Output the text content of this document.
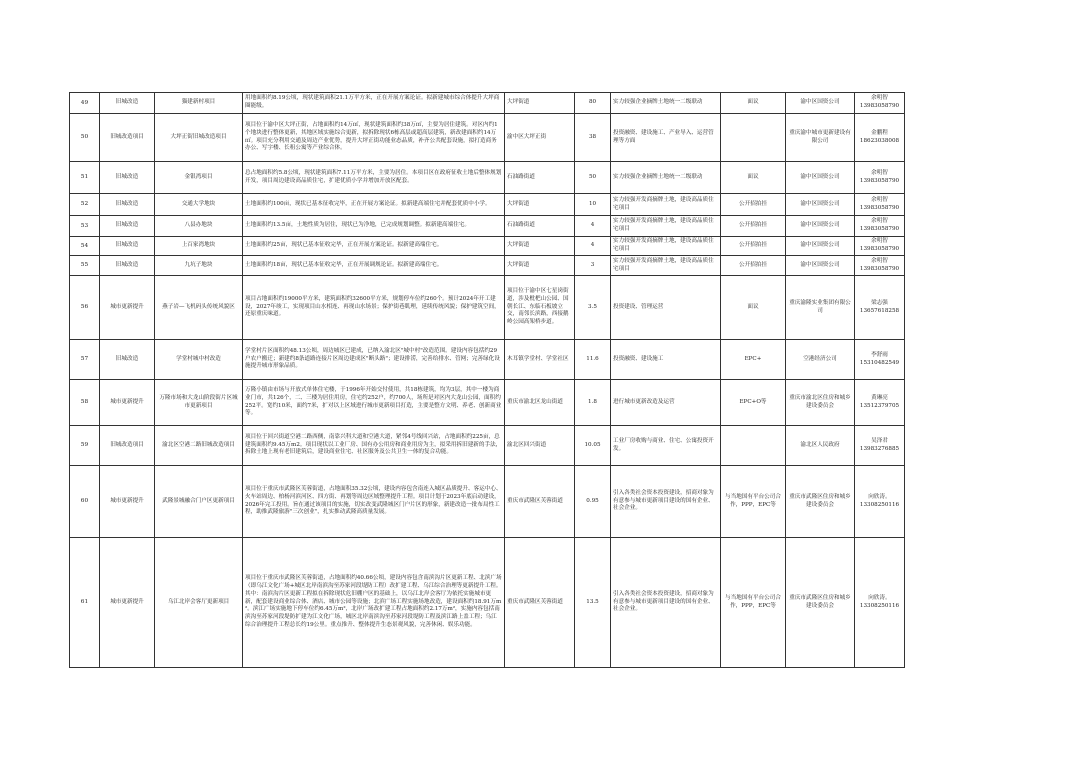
49	旧城改造	猫建新村项目	用地面积约8.19公顷，现状建筑面积21.1万平方米，正在开展方案论证。拟新建城市综合体提升大坪商圈能级。	大坪街道	80	实力较强企业摘牌土地统一二级联动	面议	渝中区国资公司	余明智
13983058790

50	旧城改造项目	大坪正街旧城改造项目	项目位于渝中区大坪正街，占地面积约14万㎡，现状建筑面积约38万㎡，主要为居住建筑。对区内约1个地块进行整体更新，其地区域实施综合更新，拟拆除现状6栋高层或超高层建筑，新改建面积约14万㎡。项目充分利用交通及周边产业优势，提升大坪正街功能业态品质，补齐公共配套设施，拟打造商务办公、写字楼、长租公寓等产业综合体。	渝中区大坪正街	38	投资融资、建设施工、产业导入、运营管理等方面		重庆渝中城市更新建设有限公司	金鹏程
18623038008

51	旧城改造	金银湾项目	总占地面积约5.8公顷，现状建筑面积7.11万平方米，主要为居住。本项目区在政府征收土地后整体规划开发，项目周边建设高品质住宅，扩建优质小学并增加开放区配套。	石油路街道	50	实力较强企业摘牌土地统一二级联动	面议	渝中区国资公司	余明智
13983058790

52	旧城改造	交通大学地块	土地面积约100亩，现状已基本征收完毕，正在开展方案论证。拟新建高端住宅并配套优质中小学。	大坪街道	10	实力较强开发商摘牌土地，建设高品质住宅项目	公开招拍挂	渝中区国资公司	余明智
13983058790

53	旧城改造	八县办地块	土地面积约13.5亩，土地性质为居住，现状已为净地，已完成规划调整。拟新建高端住宅。	石油路街道	4	实力较强开发商摘牌土地，建设高品质住宅项目	公开招拍挂	渝中区国资公司	余明智
13983058790

54	旧城改造	上百家湾地块	土地面积约25亩，现状已基本征收完毕，正在开展方案论证。拟新建高端住宅。	大坪街道	4	实力较强开发商摘牌土地，建设高品质住宅项目	公开招拍挂	渝中区国资公司	余明智
13983058790

55	旧城改造	九坑子地块	土地面积约18亩，现状已基本征收完毕，正在开展调规论证。拟新建高端住宅。	大坪街道	3	实力较强开发商摘牌土地，建设高品质住宅项目	公开招拍挂	渝中区国资公司	余明智
13983058790

56	城市更新提升	燕子岩—飞机码头传统风貌区	项目占地面积约19000平方米，建筑面积约32600平方米，规划停车位约260个。预计2024年开工建设，2027年竣工，实现项目山水相连、再现山水场景；保护街巷肌理，延续传统风貌；保护建筑空间，还原重庆味道。	项目位于渝中区七星岗街道，涉及枇杷山公园、国朝长江、东临石板坡立交，南邻长滨路，西接鹅岭公园高架桥步道。	3.5	投资建设、管理运营	面议	重庆渝隆实业集团有限公司	梁志强
13657618258

57	旧城改造	学堂村城中村改造	学堂村片区面积约48.13公顷，周边城区已建成，已纳入渝北区"城中村"改造范围。建设内容包括约29户农户搬迁；新建约8条道路连接片区周边建成区"断头路"；建设排涝，完善给排水、管网；完善绿化设施提升城市形象品质。	木耳镇学堂村、学堂社区	11.6	投资融资、建设施工	EPC+	空港经济公司	李舒雨
15310482549

58	城市更新提升	万隆市场和大龙山阶段街片区城市更新项目	万隆小镇由市场与开放式单体住宅楼，于1996年开始交付使用，共18栋建筑，均为3层，其中一楼为商业门市，共126个，二、三楼为居住用房，住宅约252户，约700人，场所是对区内大龙山公园，面积约252平。宽约10米，面约7米，扩对以上区域进行城市更新项目打造，主要是整方文明、养老、创新商业等。	重庆市渝北区龙山街道	1.8	进行城市更新改造及运营	EPC+O等	重庆市渝北区住房和城乡建设委员会	黄琳亮
13512379705

59	旧城改造项目	渝北区空港二路旧城改造项目	项目位于回兴街道空港二路西侧，南靠兴科大道和空港大道，紧邻4号线回兴站，占地面积约225亩，总建筑面积约9.45万m2。项目现状以工业厂房、国有办公用房和商业用房为主，拟采用拆旧建新的手法，拆除土地上现有老旧建筑后，建设商业住宅、社区服务及公共卫生一体的复合功能。	渝北区回兴街道	10.05	工业厂房收购与商业、住宅、公寓投资开发。		渝北区人民政府	吴泽君
13983276885

60	城市更新提升	武隆景城融合门户区更新项目	项目位于重庆市武隆区芙蓉街道，占地面积35.32公顷，建设内容包含南连入城区品质提升、客运中心、火车站周边、柏杨河滨河区、四方街、再划等周边区域整理提升工程。项目计划于2023年底启动建设，2026年完工投用。旨在通过该项目的实施，切实改变武隆城区门户片区的形象，新建改造一批布局性工程，助推武隆旅游"三次创业"，扎实推动武隆高质量发展。	重庆市武隆区芙蓉街道	0.95	引入各类社会资本投资建设，招商对象为有意参与城市更新项目建设的国有企业、社会企业。	与当地国有平台公司合作，PPP，EPC等	重庆市武隆区住房和城乡建设委员会	向欣涛。
13308250116

61	城市更新提升	乌江北岸会客厅更新项目	项目位于重庆市武隆区芙蓉街道，占地面积约40.66公顷，建设内容包含南滨沟片区更新工程、北滨广场（即乌江文化广场+城区北岸南滨沟至苏家河段堤防工程）改扩建工程、乌江综合治理等更新提升工程。其中：南滨沟片区更新工程拟在拆除现状危旧棚户区的基础上，以乌江北岸会客厅为依托实施城市更新，配套建设商业综合体、酒店、城市公园等设施；北滨广场工程实施场地改造，建设面积约18.91万m²。滨江广场实施地下停车位约6.45万m²，北岸广场改扩建工程占地面积约2.17万m²，实施内容包括南滨沟至苏家河段堤防扩建为江文化广场，城区北岸南滨沟至苏家河段堤防工程及滨江路上盖工程；乌江综合治理提升工程总长约19公里。重点推升、整体提升生态景观风貌，完善休闲、娱乐功能。	重庆市武隆区芙蓉街道	13.5	引入各类社会资本投资建设，招商对象为有意参与城市更新项目建设的国有企业、社会企业。	与当地国有平台公司合作，PPP，EPC等	重庆市武隆区住房和城乡建设委员会	向欣涛。
13308250116
